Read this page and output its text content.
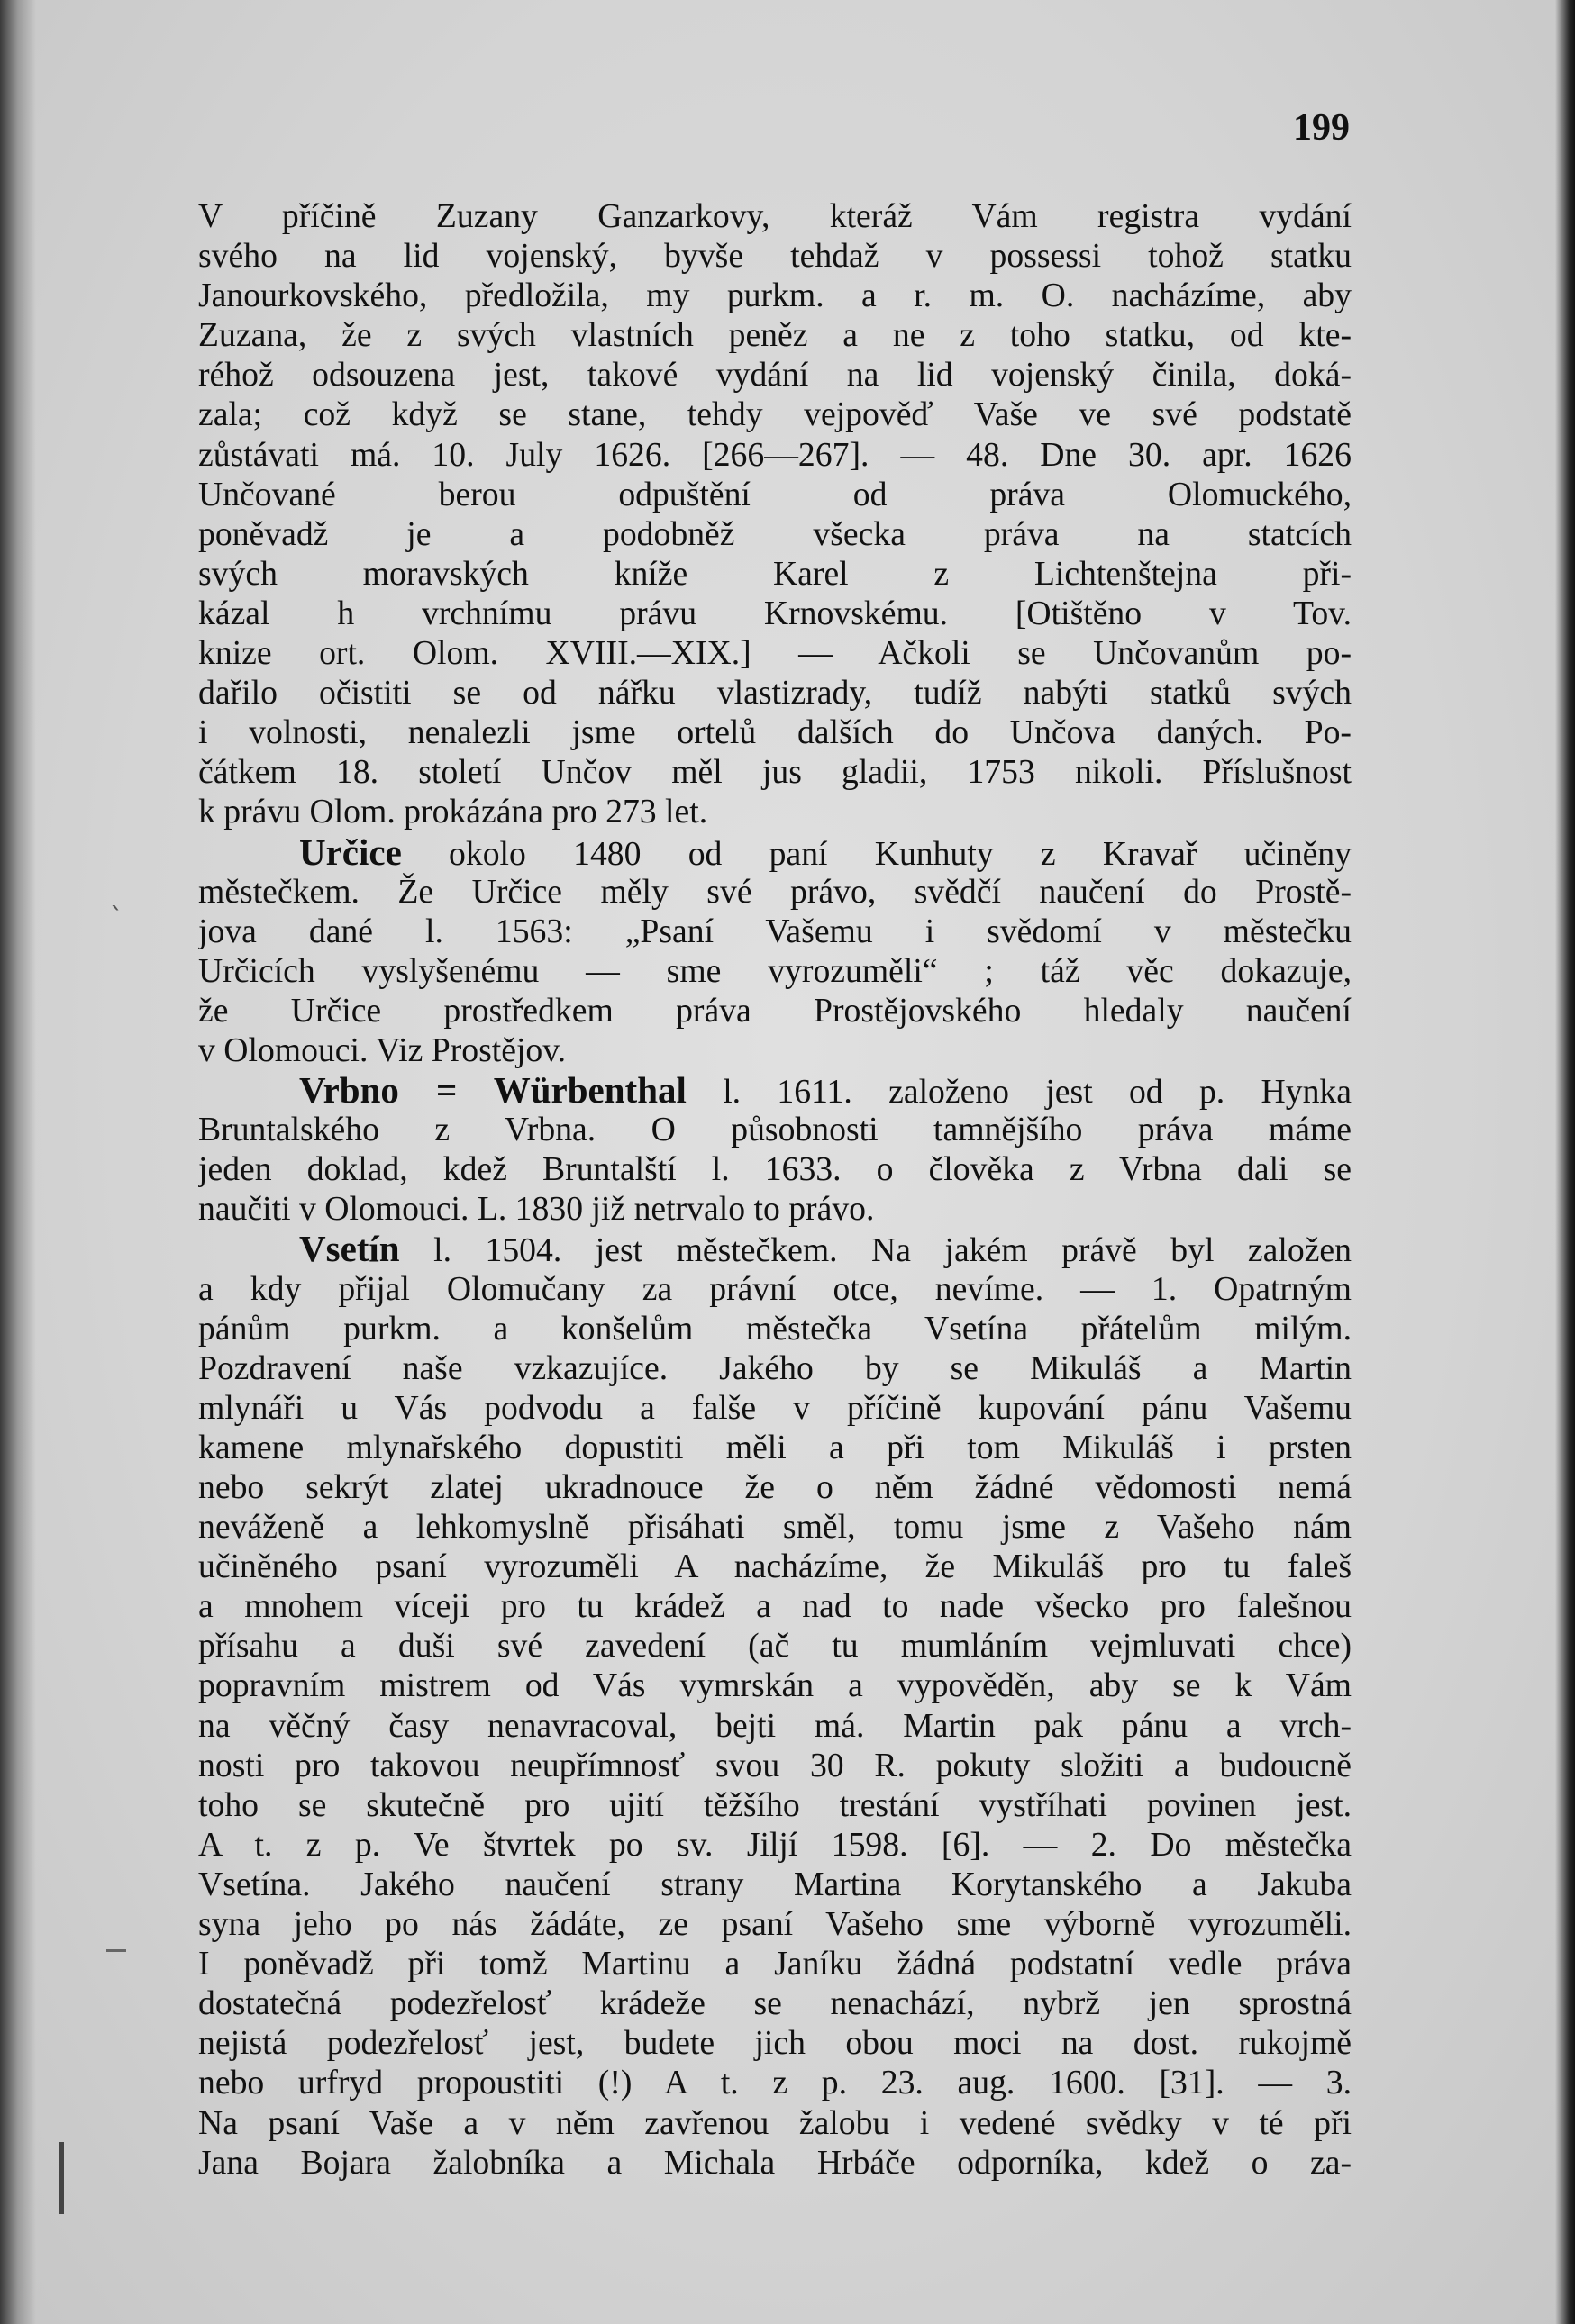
199
`
V příčině Zuzany Ganzarkovy, kteráž Vám registra vydání
svého na lid vojenský, byvše tehdaž v possessi tohož statku
Janourkovského, předložila, my purkm. a r. m. O. nacházíme, aby
Zuzana, že z svých vlastních peněz a ne z toho statku, od kte-
réhož odsouzena jest, takové vydání na lid vojenský činila, doká-
zala; což když se stane, tehdy vejpověď Vaše ve své podstatě
zůstávati má. 10. July 1626. [266—267]. — 48. Dne 30. apr. 1626
Unčované berou odpuštění od práva Olomuckého,
poněvadž je a podobněž všecka práva na statcích
svých moravských kníže Karel z Lichtenštejna při-
kázal h vrchnímu právu Krnovskému. [Otištěno v Tov.
knize ort. Olom. XVIII.—XIX.] — Ačkoli se Unčovanům po-
dařilo očistiti se od nářku vlastizrady, tudíž nabýti statků svých
i volnosti, nenalezli jsme ortelů dalších do Unčova daných. Po-
čátkem 18. století Unčov měl jus gladii, 1753 nikoli. Příslušnost
k právu Olom. prokázána pro 273 let.
Určice okolo 1480 od paní Kunhuty z Kravař učiněny
městečkem. Že Určice měly své právo, svědčí naučení do Prostě-
jova dané l. 1563: „Psaní Vašemu i svědomí v městečku
Určicích vyslyšenému — sme vyrozuměli“ ; táž věc dokazuje,
že Určice prostředkem práva Prostějovského hledaly naučení
v Olomouci. Viz Prostějov.
Vrbno = Würbenthal l. 1611. založeno jest od p. Hynka
Bruntalského z Vrbna. O působnosti tamnějšího práva máme
jeden doklad, kdež Bruntalští l. 1633. o člověka z Vrbna dali se
naučiti v Olomouci. L. 1830 již netrvalo to právo.
Vsetín l. 1504. jest městečkem. Na jakém právě byl založen
a kdy přijal Olomučany za právní otce, nevíme. — 1. Opatrným
pánům purkm. a konšelům městečka Vsetína přátelům milým.
Pozdravení naše vzkazujíce. Jakého by se Mikuláš a Martin
mlynáři u Vás podvodu a falše v příčině kupování pánu Vašemu
kamene mlynařského dopustiti měli a při tom Mikuláš i prsten
nebo sekrýt zlatej ukradnouce že o něm žádné vědomosti nemá
neváženě a lehkomyslně přisáhati směl, tomu jsme z Vašeho nám
učiněného psaní vyrozuměli A nacházíme, že Mikuláš pro tu faleš
a mnohem víceji pro tu krádež a nad to nade všecko pro falešnou
přísahu a duši své zavedení (ač tu mumláním vejmluvati chce)
popravním mistrem od Vás vymrskán a vypověděn, aby se k Vám
na věčný časy nenavracoval, bejti má. Martin pak pánu a vrch-
nosti pro takovou neupřímnosť svou 30 R. pokuty složiti a budoucně
toho se skutečně pro ujití těžšího trestání vystříhati povinen jest.
A t. z p. Ve štvrtek po sv. Jiljí 1598. [6]. — 2. Do městečka
Vsetína. Jakého naučení strany Martina Korytanského a Jakuba
syna jeho po nás žádáte, ze psaní Vašeho sme výborně vyrozuměli.
I poněvadž při tomž Martinu a Janíku žádná podstatní vedle práva
dostatečná podezřelosť krádeže se nenachází, nybrž jen sprostná
nejistá podezřelosť jest, budete jich obou moci na dost. rukojmě
nebo urfryd propoustiti (!) A t. z p. 23. aug. 1600. [31]. — 3.
Na psaní Vaše a v něm zavřenou žalobu i vedené svědky v té při
Jana Bojara žalobníka a Michala Hrbáče odporníka, kdež o za-
